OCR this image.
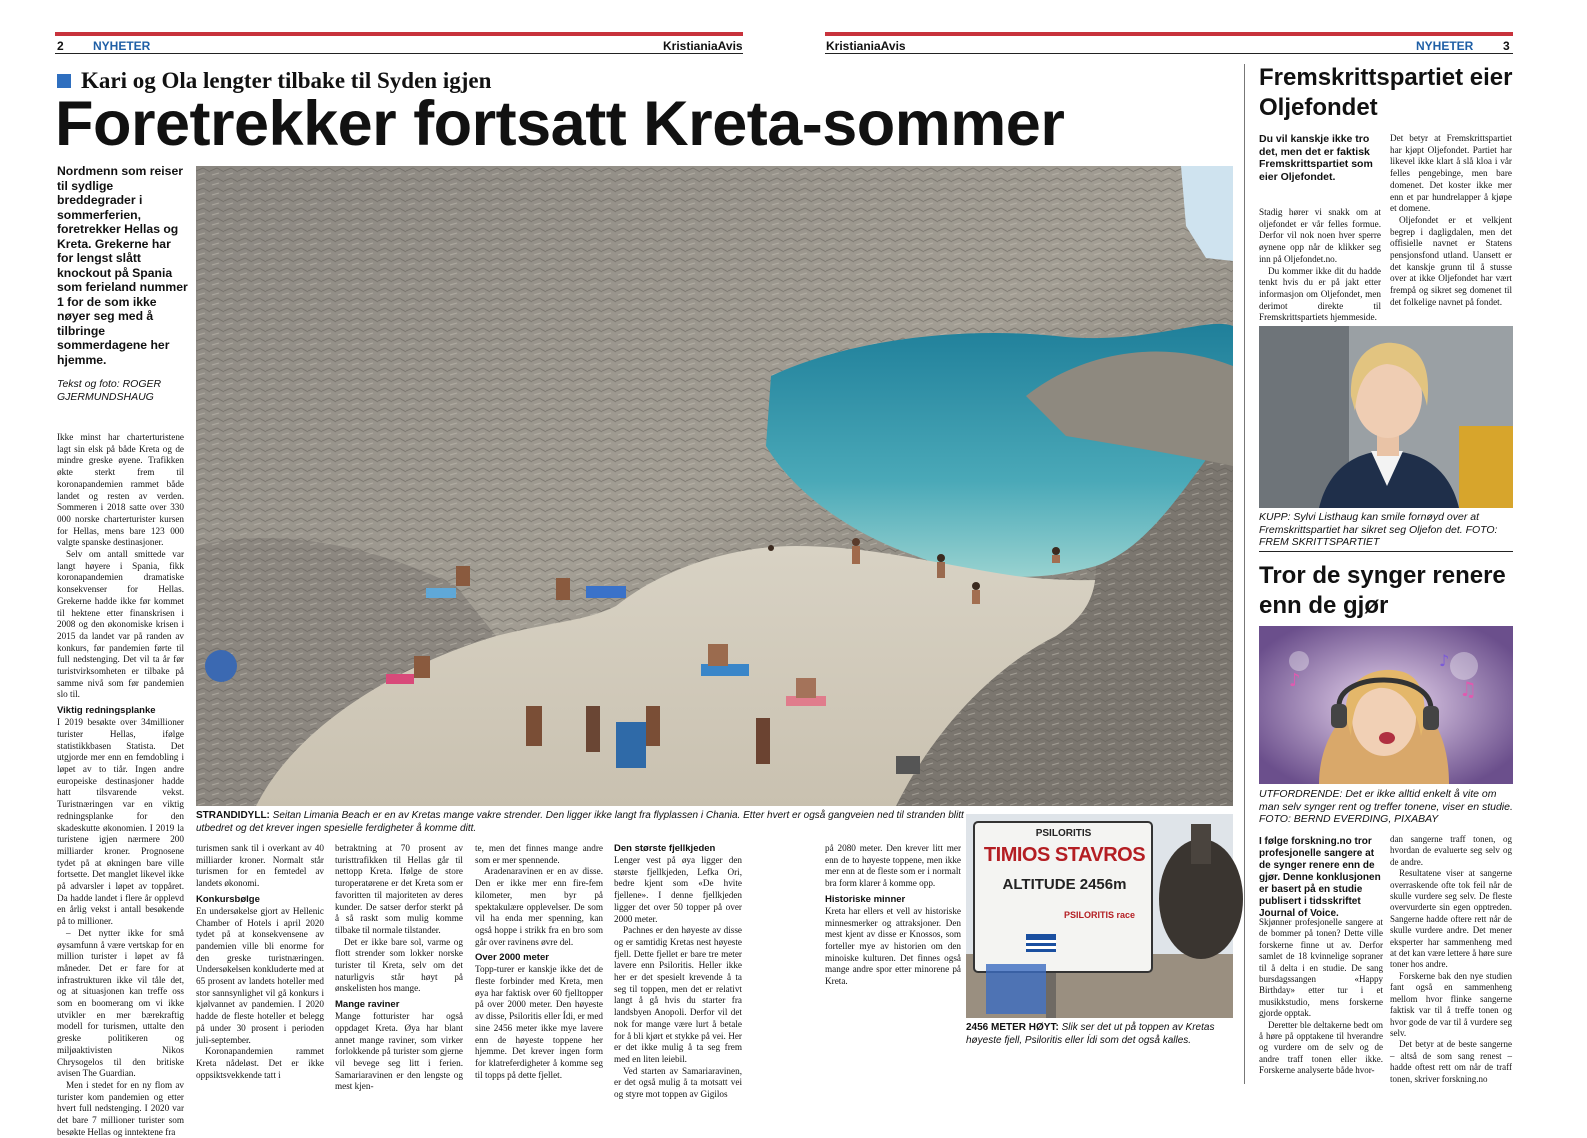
2 NYHETER	KristianiaAvis	KristianiaAvis	NYHETER 3
Kari og Ola lengter tilbake til Syden igjen
Foretrekker fortsatt Kreta-sommer
Nordmenn som reiser til sydlige breddegrader i sommerferien, foretrekker Hellas og Kreta. Grekerne har for lengst slått knockout på Spania som ferieland nummer 1 for de som ikke nøyer seg med å tilbringe sommerdagene her hjemme.
Tekst og foto: ROGER GJERMUNDSHAUG

Ikke minst har charterturistene lagt sin elsk på både Kreta og de mindre greske øyene. Trafikken økte sterkt frem til koronapandemien rammet både landet og resten av verden. Sommeren i 2018 satte over 330 000 norske charterturister kursen for Hellas, mens bare 123 000 valgte spanske destinasjoner.

Selv om antall smittede var langt høyere i Spania, fikk koronapandemien dramatiske konsekvenser for Hellas. Grekerne hadde ikke før kommet til hektene etter finanskrisen i 2008 og den økonomiske krisen i 2015 da landet var på randen av konkurs, før pandemien førte til full nedstenging. Det vil ta år før turistvirksomheten er tilbake på samme nivå som før pandemien slo til.

Viktig redningsplanke

I 2019 besøkte over 34millioner turister Hellas, ifølge statistikkbasen Statista. Det utgjorde mer enn en femdobling i løpet av to tiår. Ingen andre europeiske destinasjoner hadde hatt tilsvarende vekst. Turistnæringen var en viktig redningsplanke for den skadeskutte økonomien. I 2019 la turistene igjen nærmere 200 milliarder kroner. Prognosene tydet på at økningen bare ville fortsette. Det manglet likevel ikke på advarsler i løpet av toppåret. Da hadde landet i flere år opplevd en årlig vekst i antall besøkende på to millioner.

– Det nytter ikke for små øysamfunn å være vertskap for en million turister i løpet av få måneder. Det er fare for at infrastrukturen ikke vil tåle det, og at situasjonen kan treffe oss som en boomerang om vi ikke utvikler en mer bærekraftig modell for turismen, uttalte den greske politikeren og miljøaktivisten Nikos Chrysogelos til den britiske avisen The Guardian.

Men i stedet for en ny flom av turister kom pandemien og etter hvert full nedstenging. I 2020 var det bare 7 millioner turister som besøkte Hellas og inntektene fra

STRANDIDYLL: Seitan Limania Beach er en av Kretas mange vakre strender. Den ligger ikke langt fra flyplassen i Chania. Etter hvert er også gangveien ned til stranden blitt utbedret og det krever ingen spesielle ferdigheter å komme ditt.

turismen sank til i overkant av 40 milliarder kroner. Normalt står turismen for en femtedel av landets økonomi.

Konkursbølge

En undersøkelse gjort av Hellenic Chamber of Hotels i april 2020 tydet på at konsekvensene av pandemien ville bli enorme for den greske turistnæringen. Undersøkelsen konkluderte med at 65 prosent av landets hoteller med stor sannsynlighet vil gå konkurs i kjølvannet av pandemien. I 2020 hadde de fleste hoteller et belegg på under 30 prosent i perioden juli-september.

Koronapandemien rammet Kreta nådeløst. Det er ikke oppsiktsvekkende tatt i

betraktning at 70 prosent av turisttrafikken til Hellas går til nettopp Kreta. Ifølge de store turoperatørene er det Kreta som er favoritten til majoriteten av deres kunder. De satser derfor sterkt på å så raskt som mulig komme tilbake til normale tilstander.

Det er ikke bare sol, varme og flott strender som lokker norske turister til Kreta, selv om det naturligvis står høyt på ønskelisten hos mange.

Mange raviner

Mange fotturister har også oppdaget Kreta. Øya har blant annet mange raviner, som virker forlokkende på turister som gjerne vil bevege seg litt i ferien. Samariaravinen er den lengste og mest kjen-

te, men det finnes mange andre som er mer spennende.

Aradenaravinen er en av disse. Den er ikke mer enn fire-fem kilometer, men byr på spektakulære opplevelser. De som vil ha enda mer spenning, kan også hoppe i strikk fra en bro som går over ravinens øvre del.

Over 2000 meter

Topp-turer er kanskje ikke det de fleste forbinder med Kreta, men øya har faktisk over 60 fjelltopper på over 2000 meter. Den høyeste av disse, Psiloritis eller Ídi, er med sine 2456 meter ikke mye lavere enn de høyeste toppene her hjemme. Det krever ingen form for klatreferdigheter å komme seg til topps på dette fjellet.

Den største fjellkjeden

Lenger vest på øya ligger den største fjellkjeden, Lefka Ori, bedre kjent som «De hvite fjellene». I denne fjellkjeden ligger det over 50 topper på over 2000 meter.

Pachnes er den høyeste av disse og er samtidig Kretas nest høyeste fjell. Dette fjellet er bare tre meter lavere enn Psiloritis. Heller ikke her er det spesielt krevende å ta seg til toppen, men det er relativt langt å gå hvis du starter fra landsbyen Anopoli. Derfor vil det nok for mange være lurt å betale for å bli kjørt et stykke på vei. Her er det ikke mulig å ta seg frem med en liten leiebil.

Ved starten av Samariaravinen, er det også mulig å ta motsatt vei og styre mot toppen av Gigilos

på 2080 meter. Den krever litt mer enn de to høyeste toppene, men ikke mer enn at de fleste som er i normalt bra form klarer å komme opp.

Historiske minner

Kreta har ellers et vell av historiske minnesmerker og attraksjoner. Den mest kjent av disse er Knossos, som forteller mye av historien om den minoiske kulturen. Det finnes også mange andre spor etter minorene på Kreta.

PSILORITIS
TIMIOS STAVROS
ALTITUDE 2456m
PSILORITIS race
2456 METER HØYT: Slik ser det ut på toppen av Kretas høyeste fjell, Psiloritis eller Ídi som det også kalles.
Fremskrittspartiet eier Oljefondet
Du vil kanskje ikke tro det, men det er faktisk Fremskrittspartiet som eier Oljefondet.

Stadig hører vi snakk om at oljefondet er vår felles formue. Derfor vil nok noen hver sperre øynene opp når de klikker seg inn på Oljefondet.no.

Du kommer ikke dit du hadde tenkt hvis du er på jakt etter informasjon om Oljefondet, men derimot direkte til Fremskrittspartiets hjemmeside.

Det betyr at Fremskrittspartiet har kjøpt Oljefondet. Partiet har likevel ikke klart å slå kloa i vår felles pengebinge, men bare domenet. Det koster ikke mer enn et par hundrelapper å kjøpe et domene.

Oljefondet er et velkjent begrep i dagligdalen, men det offisielle navnet er Statens pensjonsfond utland. Uansett er det kanskje grunn til å stusse over at ikke Oljefondet har vært frempå og sikret seg domenet til det folkelige navnet på fondet.

KUPP: Sylvi Listhaug kan smile fornøyd over at Fremskrittspartiet har sikret seg Oljefon det. FOTO: FREM SKRITTSPARTIET
Tror de synger renere enn de gjør
♪	♫
♪
UTFORDRENDE: Det er ikke alltid enkelt å vite om man selv synger rent og treffer tonene, viser en studie. FOTO: BERND EVERDING, PIXABAY
I følge forskning.no tror profesjonelle sangere at de synger renere enn de gjør. Denne konklusjonen er basert på en studie publisert i tidsskriftet Journal of Voice.

Skjønner profesjonelle sangere at de bommer på tonen? Dette ville forskerne finne ut av. Derfor samlet de 18 kvinnelige sopraner til å delta i en studie. De sang bursdagssangen «Happy Birthday» etter tur i et musikkstudio, mens forskerne gjorde opptak.

Deretter ble deltakerne bedt om å høre på opptakene til hverandre og vurdere om de selv og de andre traff tonen eller ikke. Forskerne analyserte både hvor-

dan sangerne traff tonen, og hvordan de evaluerte seg selv og de andre.

Resultatene viser at sangerne overraskende ofte tok feil når de skulle vurdere seg selv. De fleste overvurderte sin egen opptreden. Sangerne hadde oftere rett når de skulle vurdere andre. Det mener eksperter har sammenheng med at det kan være lettere å høre sure toner hos andre.

Forskerne bak den nye studien fant også en sammenheng mellom hvor flinke sangerne faktisk var til å treffe tonen og hvor gode de var til å vurdere seg selv.

Det betyr at de beste sangerne – altså de som sang renest – hadde oftest rett om når de traff tonen, skriver forskning.no
